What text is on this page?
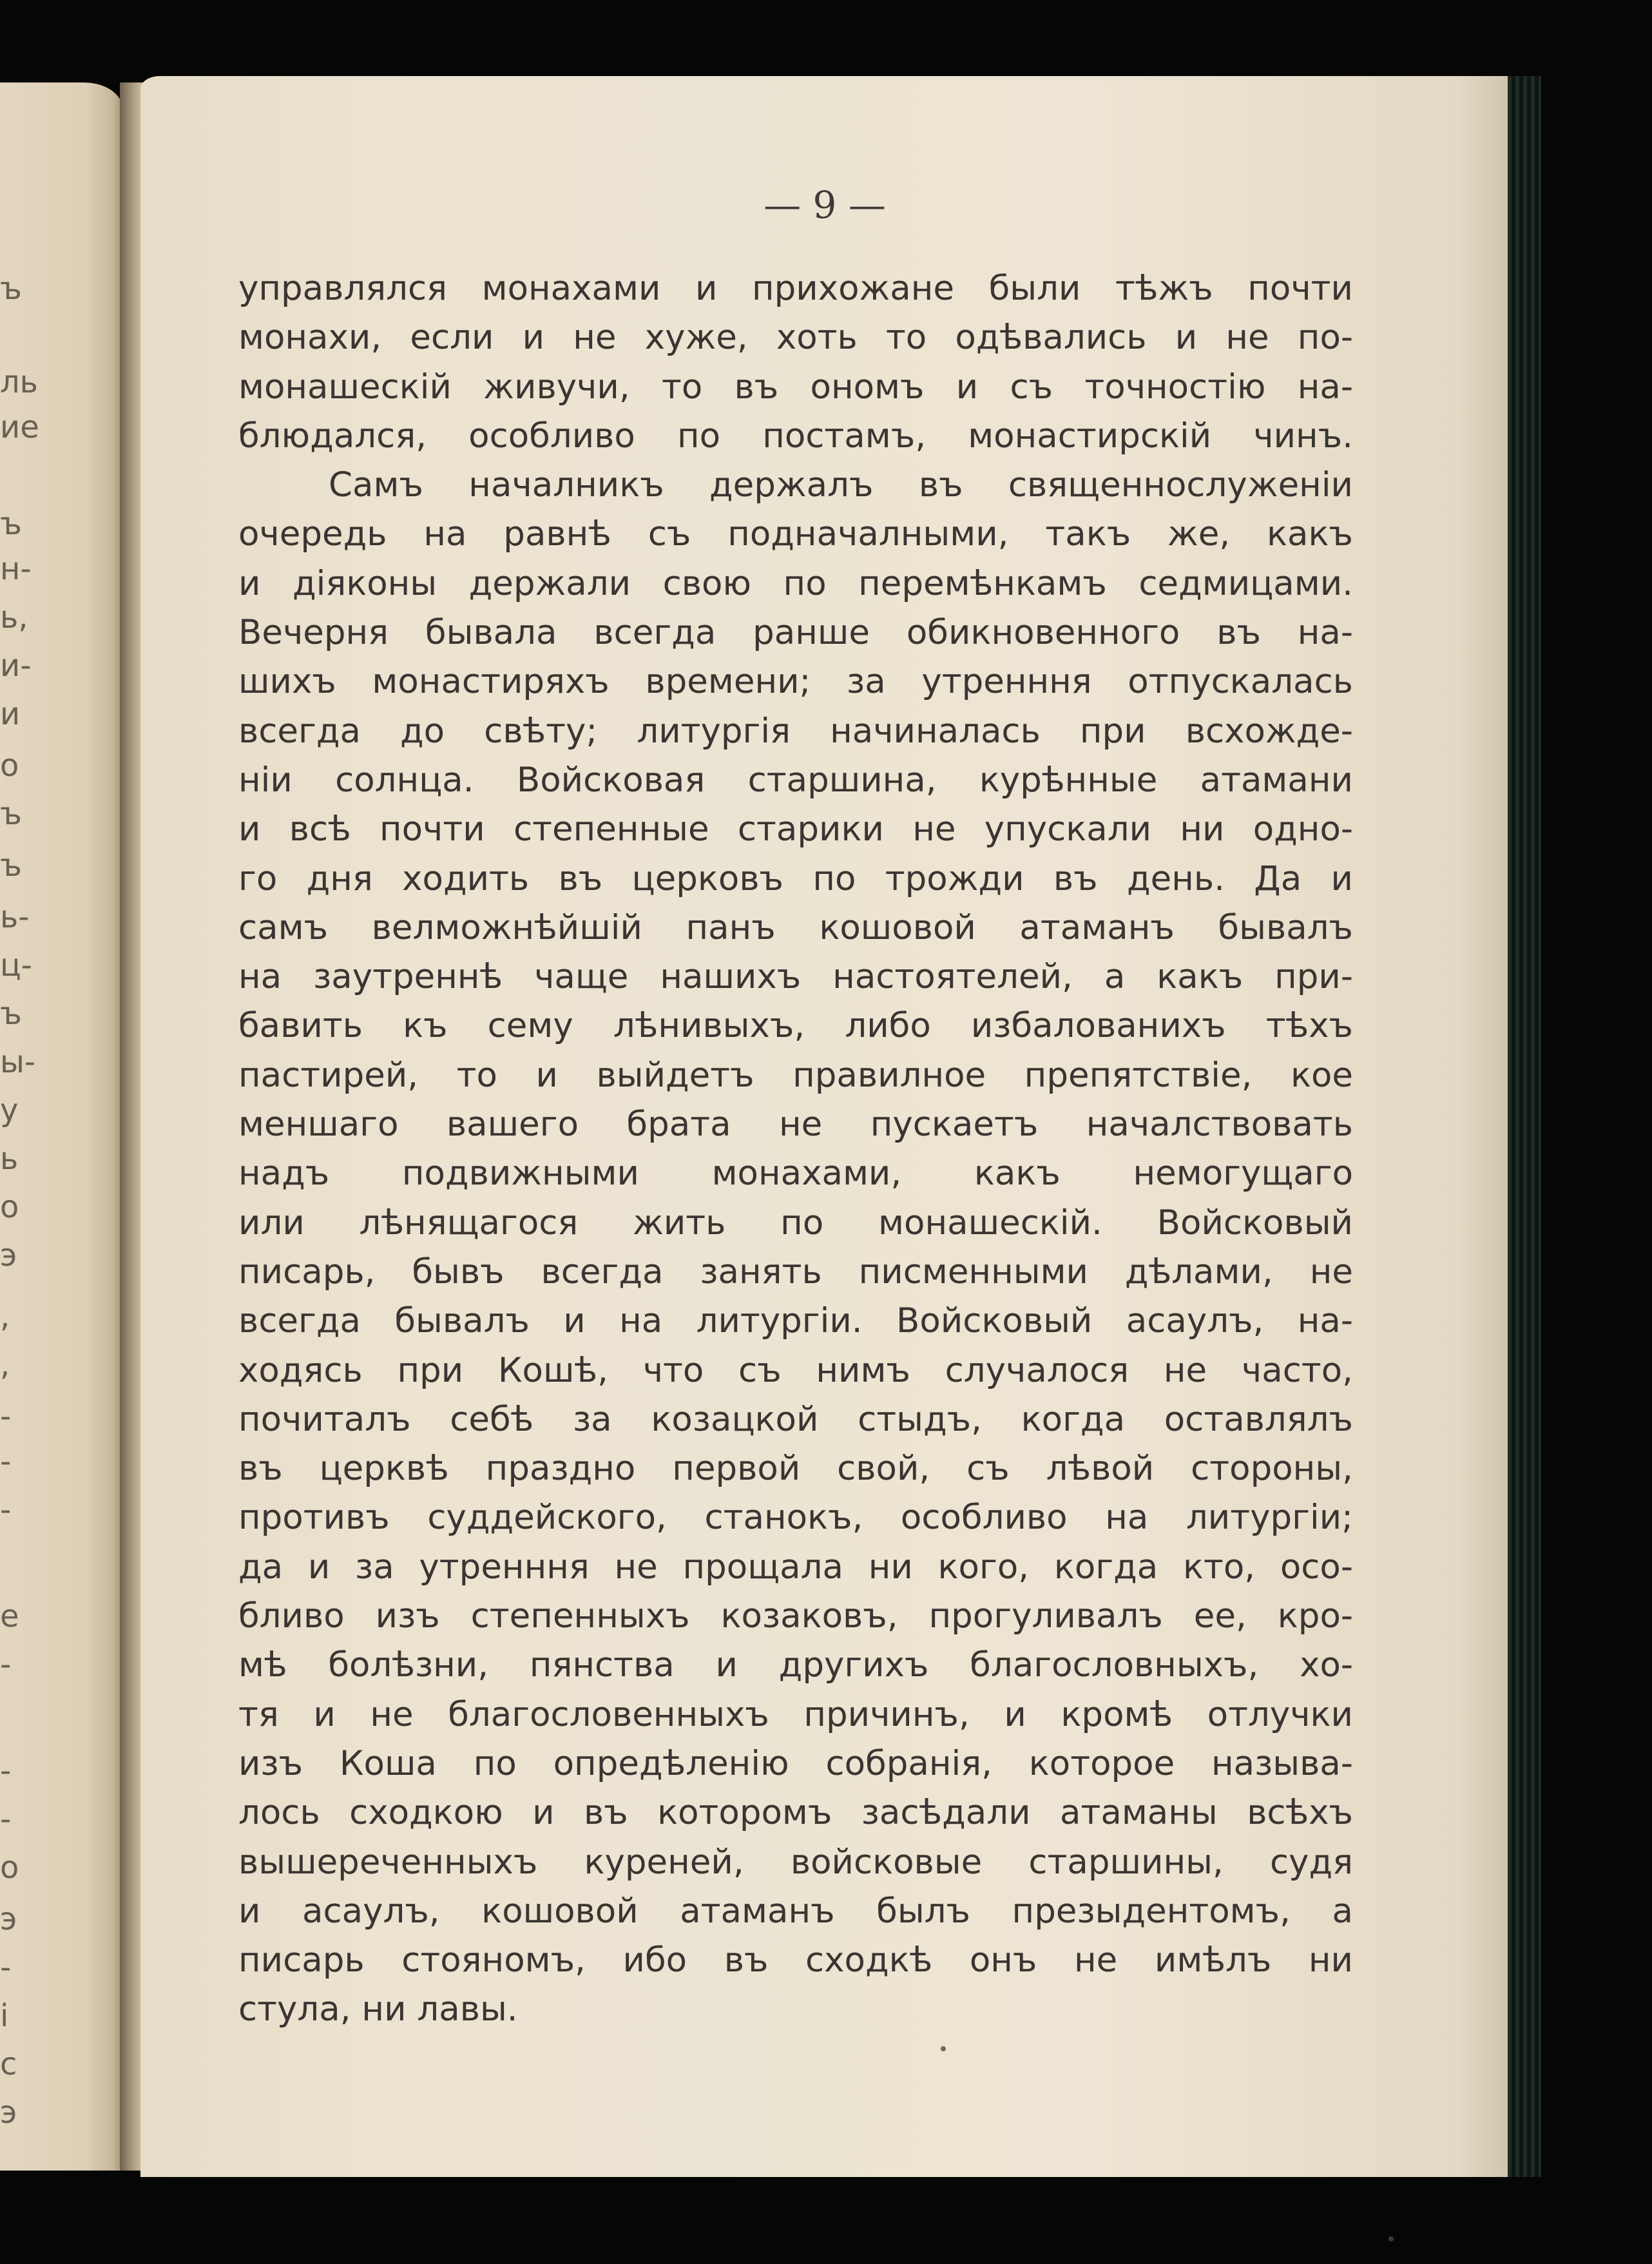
ъ
ль
ие
ъ
н-
ь,
и-
и
о
ъ
ъ
ь-
ц-
ъ
ы-
у
ь
о
э
,
,
-
-
-
е
-
-
-
о
э
-
і
с
э
— 9 —
управлялся монахами и прихожане были тѣжъ почти
монахи, если и не хуже, хоть то одѣвались и не по-
монашескій живучи, то въ ономъ и съ точностію на-
блюдался, особливо по постамъ, монастирскій чинъ.
Самъ началникъ держалъ въ священнослуженіи
очередь на равнѣ съ подначалными, такъ же, какъ
и діяконы держали свою по перемѣнкамъ седмицами.
Вечерня бывала всегда ранше обикновенного въ на-
шихъ монастиряхъ времени; за утренння отпускалась
всегда до свѣту; литургія начиналась при всхожде-
ніи солнца. Войсковая старшина, курѣнные атамани
и всѣ почти степенные старики не упускали ни одно-
го дня ходить въ церковъ по трожди въ день. Да и
самъ велможнѣйшій панъ кошовой атаманъ бывалъ
на заутреннѣ чаще нашихъ настоятелей, а какъ при-
бавить къ сему лѣнивыхъ, либо избалованихъ тѣхъ
пастирей, то и выйдетъ правилное препятствіе, кое
меншаго вашего брата не пускаетъ началствовать
надъ подвижными монахами, какъ немогущаго
или лѣнящагося жить по монашескій. Войсковый
писарь, бывъ всегда занять писменными дѣлами, не
всегда бывалъ и на литургіи. Войсковый асаулъ, на-
ходясь при Кошѣ, что съ нимъ случалося не часто,
почиталъ себѣ за козацкой стыдъ, когда оставлялъ
въ церквѣ праздно первой свой, съ лѣвой стороны,
противъ суддейского, станокъ, особливо на литургіи;
да и за утренння не прощала ни кого, когда кто, осо-
бливо изъ степенныхъ козаковъ, прогуливалъ ее, кро-
мѣ болѣзни, пянства и другихъ благословныхъ, хо-
тя и не благословенныхъ причинъ, и кромѣ отлучки
изъ Коша по опредѣленію собранія, которое называ-
лось сходкою и въ которомъ засѣдали атаманы всѣхъ
вышереченныхъ куреней, войсковые старшины, судя
и асаулъ, кошовой атаманъ былъ презыдентомъ, а
писарь стояномъ, ибо въ сходкѣ онъ не имѣлъ ни
стула, ни лавы.
